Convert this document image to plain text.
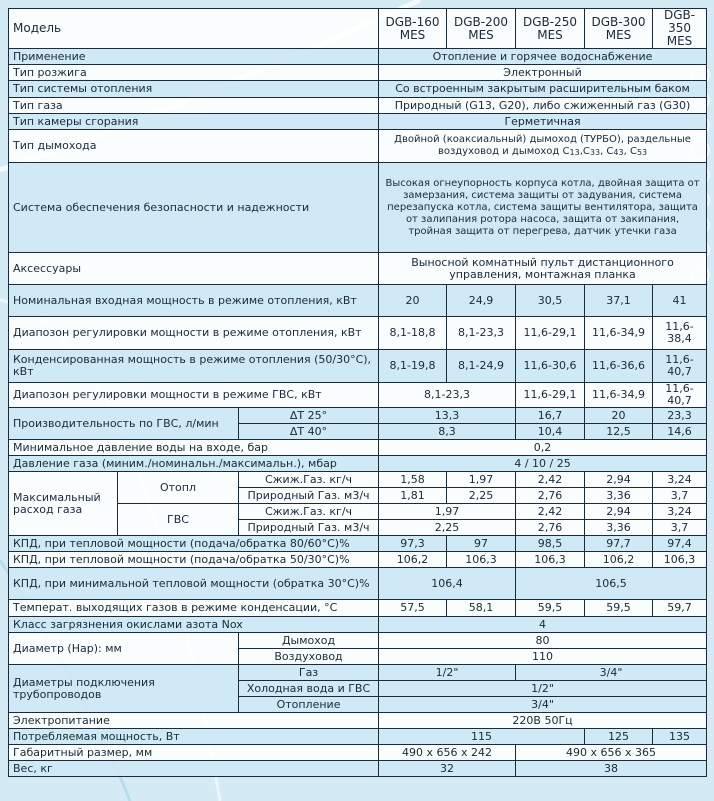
Модель			DGB-160 MES	DGB-200 MES	DGB-250 MES	DGB-300 MES	DGB-350 MES
Применение			Отопление и горячее водоснабжение				
Тип розжига			Электронный				
Тип системы отопления			Со встроенным закрытым расширительным баком				
Тип газа			Природный (G13, G20), либо сжиженный газ (G30)				
Тип камеры сгорания			Герметичная				
Тип дымохода			Двойной (коаксиальный) дымоход (ТУРБО), раздельные воздуховод и дымоход $C_{13},C_{33}$, $C_{43}$, $C_{53}$
Система обеспечения безопасности и надежности			Высокая огнеупорность корпуса котла, двойная защита от замерзания, система защиты от задувания, система перезапуска котла, система защиты вентилятора, защита от залипания ротора насоса, защита от закипания, тройная защита от перегрева, датчик утечки газа				
Аксессуары			Выносной комнатный пульт дистанционного управления, монтажная планка				
Номинальная входная мощность в режиме отопления, кВт			20	24,9	30,5	37,1	41
Диапозон регулировки мощности в режиме отопления, кВт			8,1-18,8	8,1-23,3	11,6-29,1	11,6-34,9	11,6-38,4
Конденсированная мощность в режиме отопления (50/30°C), кВт			8,1-19,8	8,1-24,9	11,6-30,6	11,6-36,6	11,6-40,7
Диапозон регулировки мощности в режиме ГВС, кВт			8,1-23,3		11,6-29,1	11,6-34,9	11,6-40,7
Производительность по ГВС, л/мин		ΔT 25°	13,3		16,7	20	23,3
		ΔT 40°	8,3		10,4	12,5	14,6
Минимальное давление воды на входе, бар			0,2				
Давление газа (миним./номинальн./максимальн.), мбар			4 / 10 / 25				
Максимальный расход газа	Отопл	Сжиж.Газ. кг/ч	1,58	1,97	2,42	2,94	3,24
		Природный Газ. м3/ч	1,81	2,25	2,76	3,36	3,7
	ГВС	Сжиж.Газ. кг/ч	1,97		2,42	2,94	3,24
		Природный Газ. м3/ч	2,25		2,76	3,36	3,7
КПД, при тепловой мощности (подача/обратка 80/60°C)%			97,3	97	98,5	97,7	97,4
КПД, при тепловой мощности (подача/обратка 50/30°C)%			106,2	106,3	106,3	106,2	106,3
КПД, при минимальной тепловой мощности (обратка 30°C)%			106,4		106,5		
Температ. выходящих газов в режиме конденсации, °C			57,5	58,1	59,5	59,5	59,7
Класс загрязнения окислами азота Nox			4				
Диаметр (Нар): мм		Дымоход	80				
		Воздуховод	110				
Диаметры подключения трубопроводов		Газ	1/2"		3/4"		
		Холодная вода и ГВС	1/2"				
		Отопление	3/4"				
Электропитание			220В 50Гц				
Потребляемая мощность, Вт			115			125	135
Габаритный размер, мм			490 x 656 x 242		490 x 656 x 365		
Вес, кг			32		38		
